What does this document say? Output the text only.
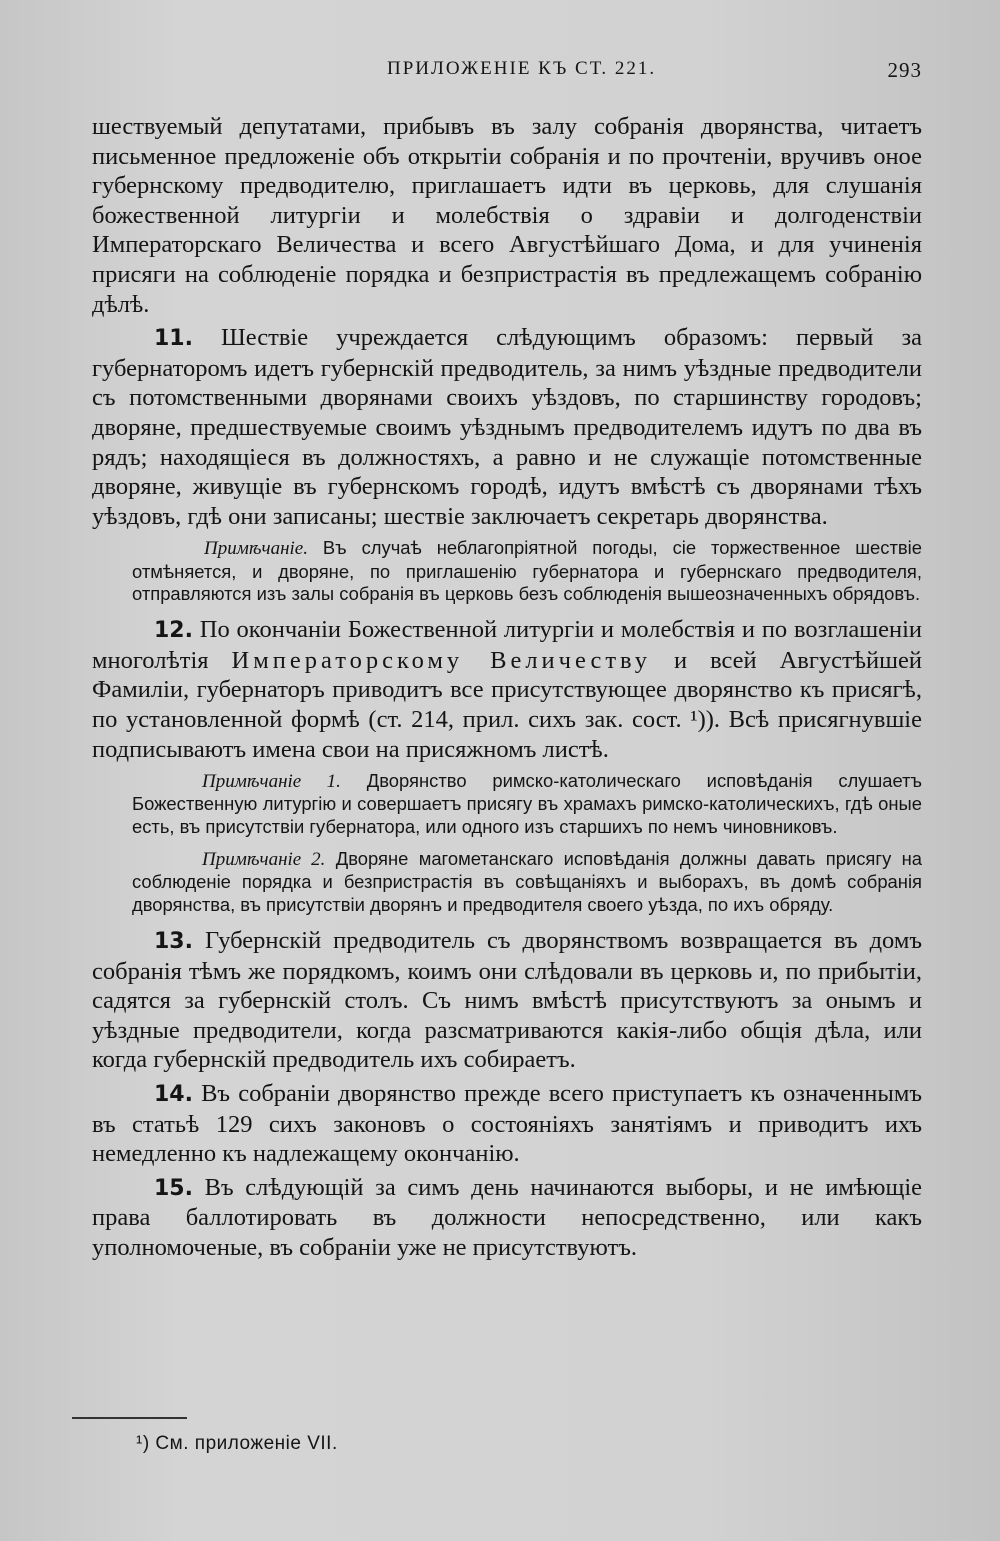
ПРИЛОЖЕНІЕ КЪ СТ. 221.	293

шествуемый депутатами, прибывъ въ залу собранія дворянства, читаетъ письменное предложеніе объ открытіи собранія и по прочтеніи, вручивъ оное губернскому предводителю, приглашаетъ идти въ церковь, для слушанія божественной литургіи и молебствія о здравіи и долгоденствіи Императорскаго Величества и всего Августѣйшаго Дома, и для учиненія присяги на соблюденіе порядка и безпристрастія въ предлежащемъ собранію дѣлѣ.

11. Шествіе учреждается слѣдующимъ образомъ: первый за губернаторомъ идетъ губернскій предводитель, за нимъ уѣздные предводители съ потомственными дворянами своихъ уѣздовъ, по старшинству городовъ; дворяне, предшествуемые своимъ уѣзднымъ предводителемъ идутъ по два въ рядъ; находящіеся въ должностяхъ, а равно и не служащіе потомственные дворяне, живущіе въ губернскомъ городѣ, идутъ вмѣстѣ съ дворянами тѣхъ уѣздовъ, гдѣ они записаны; шествіе заключаетъ секретарь дворянства.

Примѣчаніе. Въ случаѣ неблагопріятной погоды, сіе торжественное шествіе отмѣняется, и дворяне, по приглашенію губернатора и губернскаго предводителя, отправляются изъ залы собранія въ церковь безъ соблюденія вышеозначенныхъ обрядовъ.

12. По окончаніи Божественной литургіи и молебствія и по возглашеніи многолѣтія Императорскому Величеству и всей Августѣйшей Фамиліи, губернаторъ приводитъ все присутствующее дворянство къ присягѣ, по установленной формѣ (ст. 214, прил. сихъ зак. сост. ¹)). Всѣ присягнувшіе подписываютъ имена свои на присяжномъ листѣ.

Примѣчаніе 1. Дворянство римско-католическаго исповѣданія слушаетъ Божественную литургію и совершаетъ присягу въ храмахъ римско-католическихъ, гдѣ оные есть, въ присутствіи губернатора, или одного изъ старшихъ по немъ чиновниковъ.

Примѣчаніе 2. Дворяне магометанскаго исповѣданія должны давать присягу на соблюденіе порядка и безпристрастія въ совѣщаніяхъ и выборахъ, въ домѣ собранія дворянства, въ присутствіи дворянъ и предводителя своего уѣзда, по ихъ обряду.

13. Губернскій предводитель съ дворянствомъ возвращается въ домъ собранія тѣмъ же порядкомъ, коимъ они слѣдовали въ церковь и, по прибытіи, садятся за губернскій столъ. Съ нимъ вмѣстѣ присутствуютъ за онымъ и уѣздные предводители, когда разсматриваются какія-либо общія дѣла, или когда губернскій предводитель ихъ собираетъ.

14. Въ собраніи дворянство прежде всего приступаетъ къ означеннымъ въ статьѣ 129 сихъ законовъ о состояніяхъ занятіямъ и приводитъ ихъ немедленно къ надлежащему окончанію.

15. Въ слѣдующій за симъ день начинаются выборы, и не имѣющіе права баллотировать въ должности непосредственно, или какъ уполномоченые, въ собраніи уже не присутствуютъ.

¹) См. приложеніе VII.
